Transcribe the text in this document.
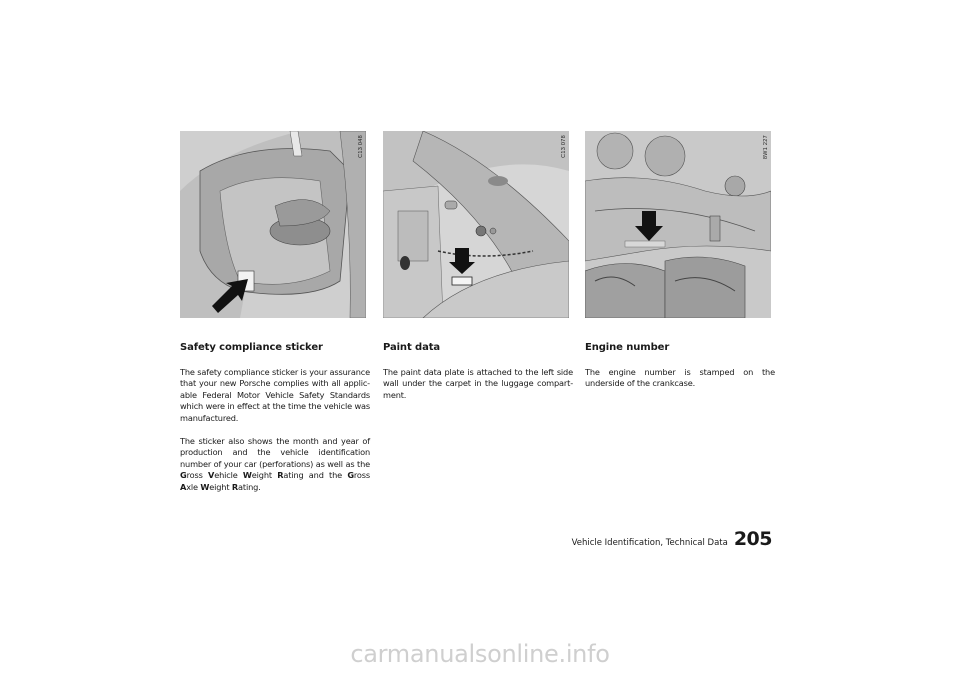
C13 048	C13 078	8W1 227
Safety compliance sticker

The safety compliance sticker is your assurance that your new Porsche complies with all applic-able Federal Motor Vehicle Safety Standards which were in effect at the time the vehicle was manufactured.

The sticker also shows the month and year of production and the vehicle identification number of your car (perforations) as well as the Gross Vehicle Weight Rating and the Gross Axle Weight Rating.

Paint data

The paint data plate is attached to the left side wall under the carpet in the luggage compart-ment.

Engine number

The engine number is stamped on the underside of the crankcase.

Vehicle Identification, Technical Data 205
carmanualsonline.info
